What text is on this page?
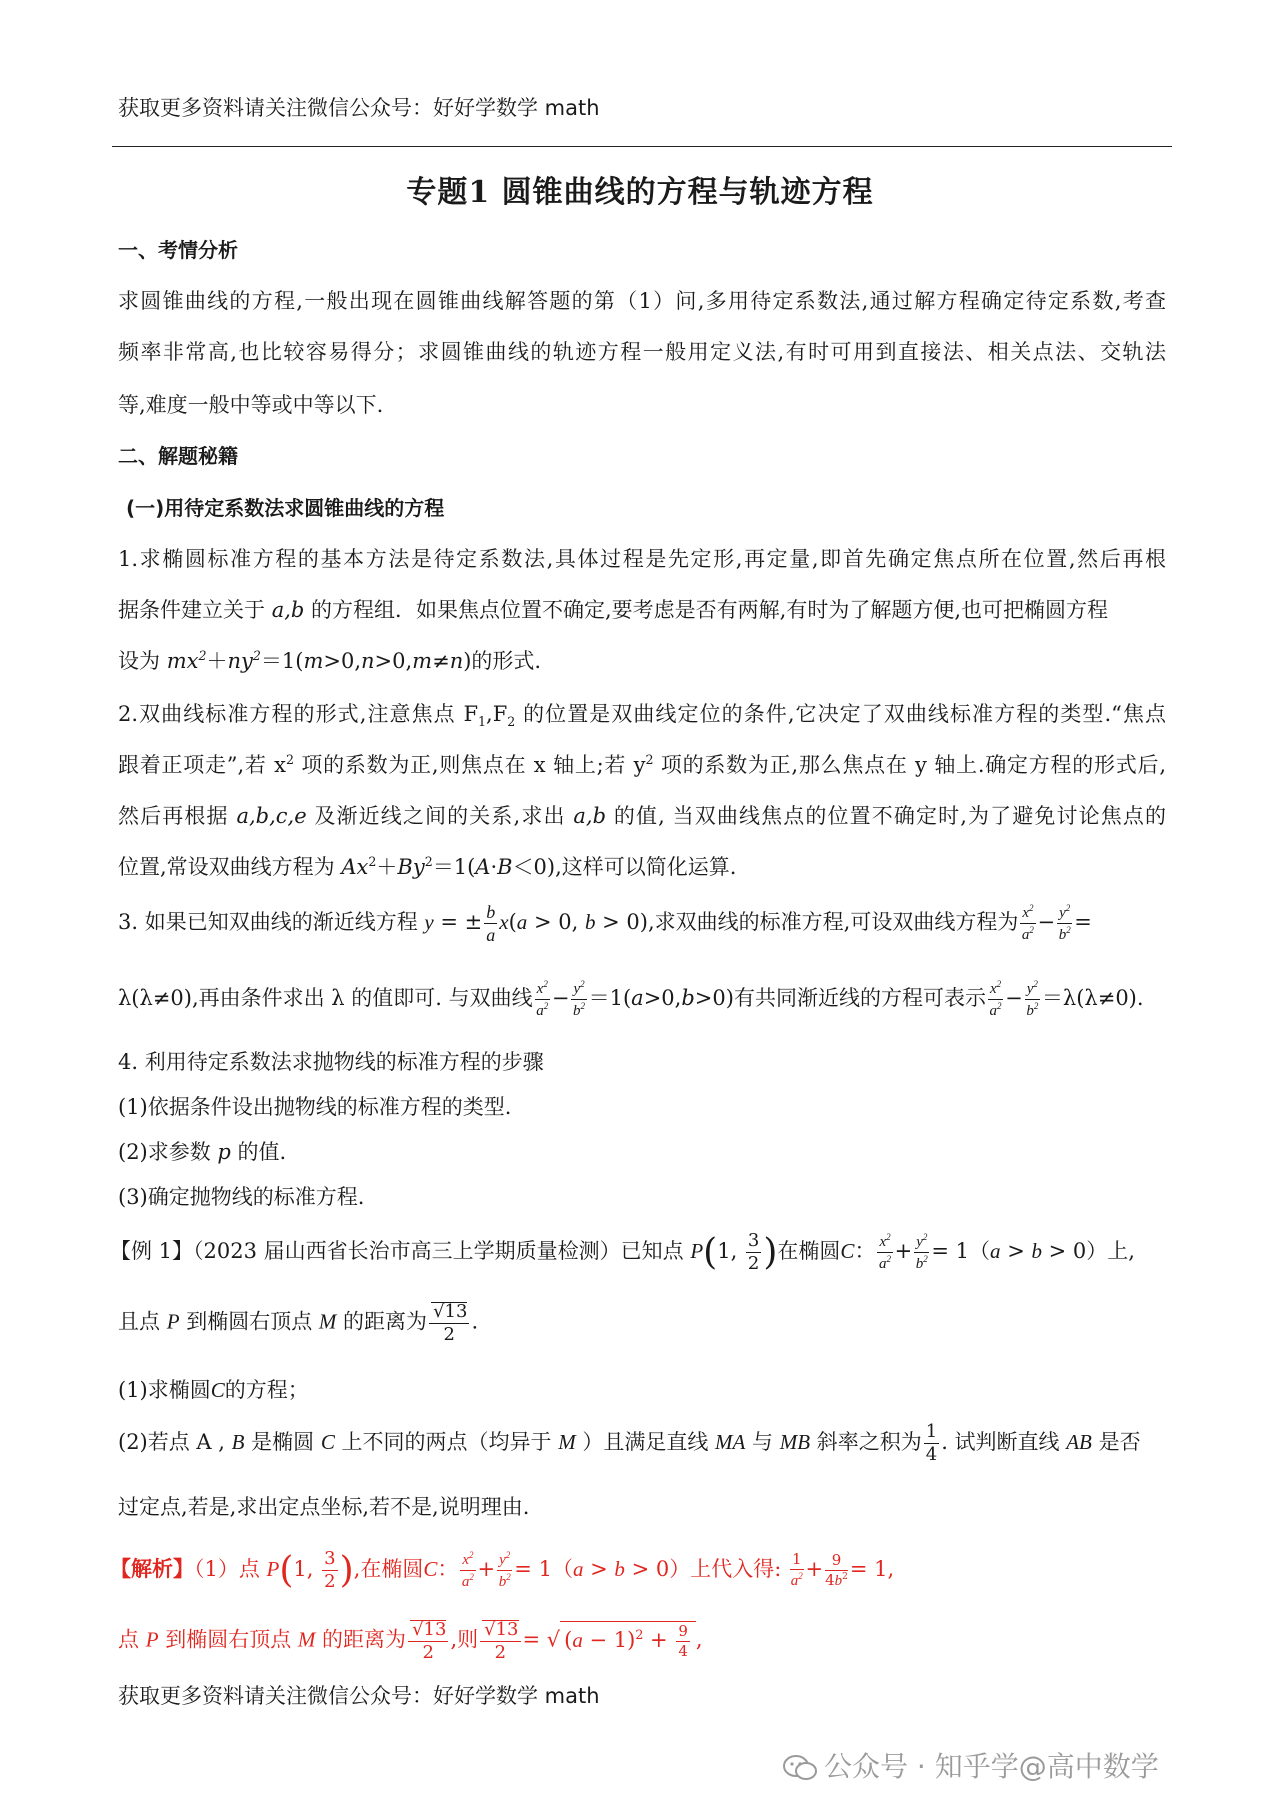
获取更多资料请关注微信公众号：好好学数学 math
专题1 圆锥曲线的方程与轨迹方程
一、考情分析
求圆锥曲线的方程,一般出现在圆锥曲线解答题的第（1）问,多用待定系数法,通过解方程确定待定系数,考查
频率非常高,也比较容易得分；求圆锥曲线的轨迹方程一般用定义法,有时可用到直接法、相关点法、交轨法
等,难度一般中等或中等以下.
二、解题秘籍
(一)用待定系数法求圆锥曲线的方程
1.求椭圆标准方程的基本方法是待定系数法,具体过程是先定形,再定量,即首先确定焦点所在位置,然后再根
据条件建立关于 a,b 的方程组．如果焦点位置不确定,要考虑是否有两解,有时为了解题方便,也可把椭圆方程
设为 $mx^2+ny^2=1(m>0,n>0,m\ne n)$的形式.
2.双曲线标准方程的形式,注意焦点 $F_1,F_2$ 的位置是双曲线定位的条件,它决定了双曲线标准方程的类型.“焦点
跟着正项走”,若 $x^2$ 项的系数为正,则焦点在 x 轴上;若 $y^2$ 项的系数为正,那么焦点在 y 轴上.确定方程的形式后,
然后再根据 a,b,c,e 及渐近线之间的关系,求出 a,b 的值, 当双曲线焦点的位置不确定时,为了避免讨论焦点的
位置,常设双曲线方程为 $Ax^2+By^2=1(A\cdot B<0)$,这样可以简化运算.
3. 如果已知双曲线的渐近线方程 y = ± $\frac{b}{a} x(a > 0$, b > 0),求双曲线的标准方程,可设双曲线方程为 $\frac{x^2}{a^2} - \frac{y^2}{b^2}$ =
λ(λ≠0),再由条件求出 λ 的值即可. 与双曲线 $\frac{x^2}{a^2} - \frac{y^2}{b^2} =1(a>0,b>0)$有共同渐近线的方程可表示 $\frac{x^2}{a^2} - \frac{y^2}{b^2} =\lambda(\lambda\ne 0)$.
4. 利用待定系数法求抛物线的标准方程的步骤
(1)依据条件设出抛物线的标准方程的类型.
(2)求参数 p 的值.
(3)确定抛物线的标准方程.
【例 1】（2023 届山西省长治市高三上学期质量检测）已知点 P(1, $\frac{3}{2}$ )在椭圆C： $\frac{x^2}{a^2} + \frac{y^2}{b^2} = 1(a > b > 0)$上,
且点 P 到椭圆右顶点 M 的距离为 $\frac{√13}{2}$ .
(1)求椭圆C的方程；
(2)若点 A , B 是椭圆 C 上不同的两点（均异于 M ）且满足直线 MA 与 MB 斜率之积为 $\frac{1}{4}$ . 试判断直线 AB 是否
过定点,若是,求出定点坐标,若不是,说明理由.
【解析】（1）点 P(1, $\frac{3}{2}$ ),在椭圆C： $\frac{x^2}{a^2} + \frac{y^2}{b^2} = 1(a > b > 0)$上代入得: $\frac{1}{a^2} + \frac{9}{4b^2} = 1$,
点 P 到椭圆右顶点 M 的距离为 $\frac{√13}{2}$ ,则 $\frac{√13}{2}$ = √ $(a - 1)^2 + \frac{9}{4}$ ,
获取更多资料请关注微信公众号：好好学数学 math
公众号 · 知乎学@高中数学
